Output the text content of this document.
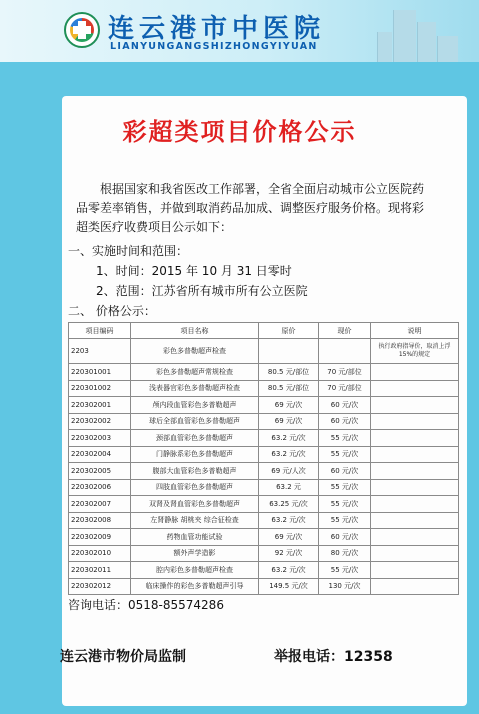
连云港市中医院
LIANYUNGANGSHIZHONGYIYUAN
彩超类项目价格公示
根据国家和我省医改工作部署，全省全面启动城市公立医院药品零差率销售，并做到取消药品加成、调整医疗服务价格。现将彩超类医疗收费项目公示如下：
一、实施时间和范围：
1、时间：2015 年 10 月 31 日零时
2、范围：江苏省所有城市所有公立医院
二、 价格公示：
项目编码	项目名称	原价	现价	说明
2203	彩色多普勒超声检查			执行政府指导价，取消上浮 15%的规定
220301001	彩色多普勒超声常规检查	80.5 元/部位	70 元/部位	
220301002	浅表器官彩色多普勒超声检查	80.5 元/部位	70 元/部位	
220302001	颅内段血管彩色多普勒超声	69 元/次	60 元/次	
220302002	球后全部血管彩色多普勒超声	69 元/次	60 元/次	
220302003	颈部血管彩色多普勒超声	63.2 元/次	55 元/次	
220302004	门静脉系彩色多普勒超声	63.2 元/次	55 元/次	
220302005	腹部大血管彩色多普勒超声	69 元/人次	60 元/次	
220302006	四肢血管彩色多普勒超声	63.2 元	55 元/次	
220302007	双肾及肾血管彩色多普勒超声	63.25 元/次	55 元/次	
220302008	左肾静脉 胡桃夹 综合征检查	63.2 元/次	55 元/次	
220302009	药物血管功能试验	69 元/次	60 元/次	
220302010	额外声学造影	92 元/次	80 元/次	
220302011	腔内彩色多普勒超声检查	63.2 元/次	55 元/次	
220302012	临床操作的彩色多普勒超声引导	149.5 元/次	130 元/次	
咨询电话：0518-85574286
连云港市物价局监制	举报电话：12358
